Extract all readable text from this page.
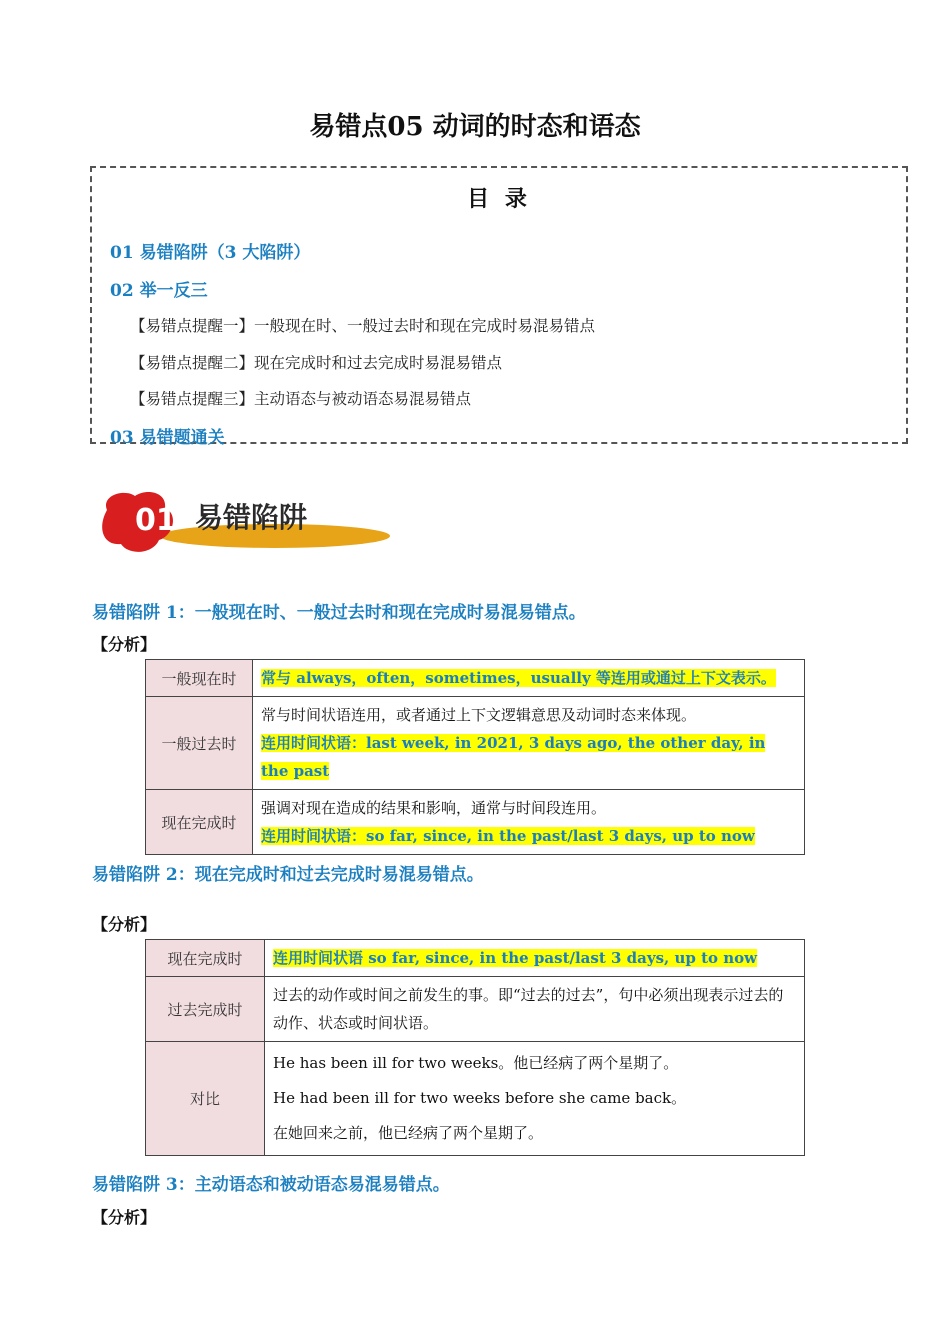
易错点05 动词的时态和语态
目 录
01 易错陷阱（3 大陷阱）
02 举一反三
【易错点提醒一】一般现在时、一般过去时和现在完成时易混易错点
【易错点提醒二】现在完成时和过去完成时易混易错点
【易错点提醒三】主动语态与被动语态易混易错点
03 易错题通关
01 易错陷阱
易错陷阱 1：一般现在时、一般过去时和现在完成时易混易错点。
【分析】
一般现在时	常与 always，often，sometimes，usually 等连用或通过上下文表示。
一般过去时	常与时间状语连用，或者通过上下文逻辑意思及动词时态来体现。
连用时间状语：last week, in 2021, 3 days ago, the other day, in the past
现在完成时	强调对现在造成的结果和影响，通常与时间段连用。
连用时间状语：so far, since, in the past/last 3 days, up to now
易错陷阱 2：现在完成时和过去完成时易混易错点。
【分析】
现在完成时	连用时间状语 so far, since, in the past/last 3 days, up to now
过去完成时	过去的动作或时间之前发生的事。即“过去的过去”，句中必须出现表示过去的动作、状态或时间状语。
对比	He has been ill for two weeks。他已经病了两个星期了。
He had been ill for two weeks before she came back。
在她回来之前，他已经病了两个星期了。
易错陷阱 3：主动语态和被动语态易混易错点。
【分析】
